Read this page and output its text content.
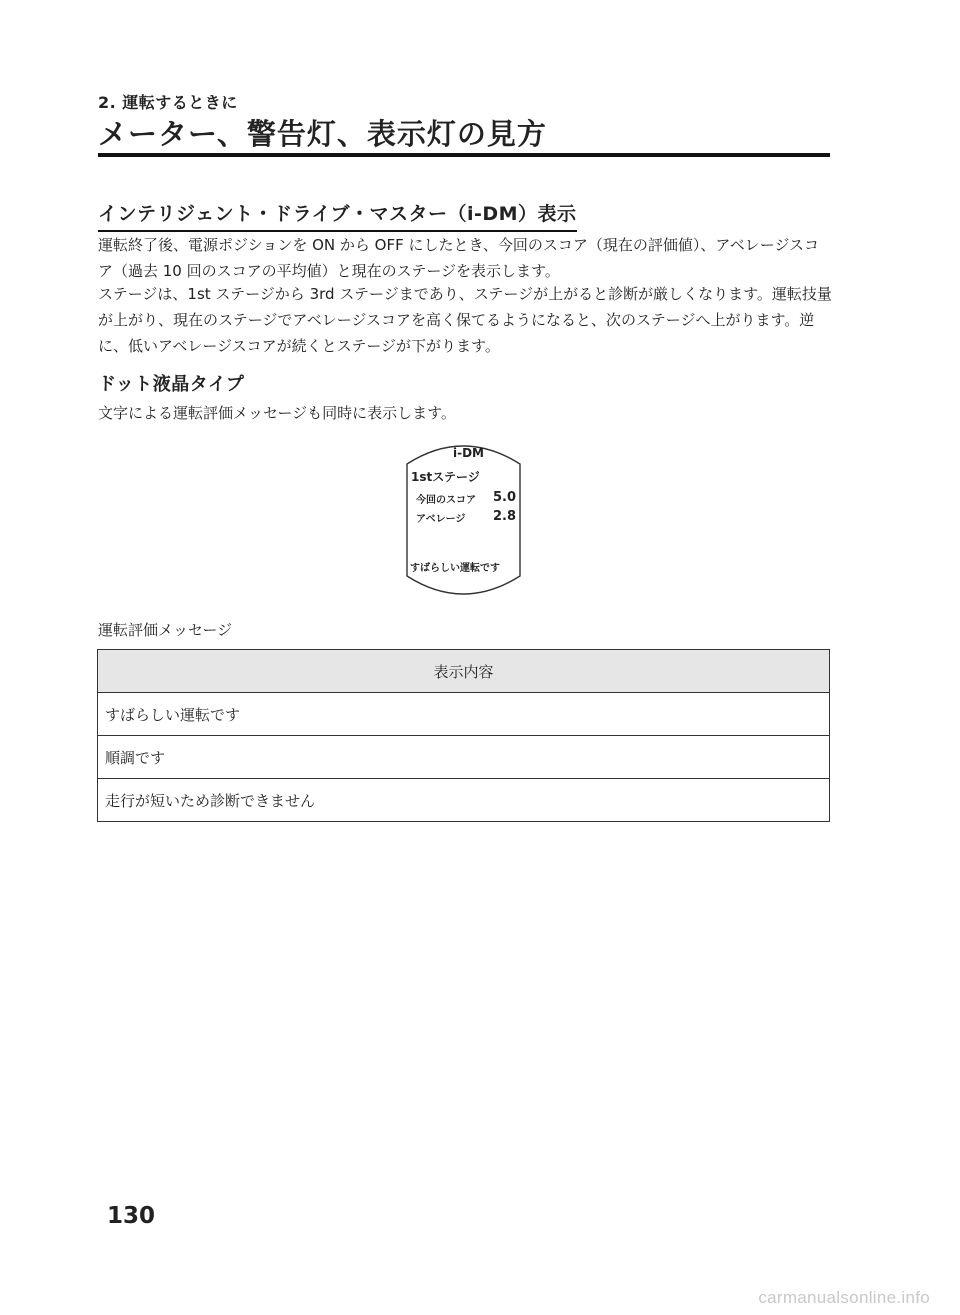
2. 運転するときに
メーター、警告灯、表示灯の見方
インテリジェント・ドライブ・マスター（i-DM）表示

運転終了後、電源ポジションを ON から OFF にしたとき、今回のスコア（現在の評価値）、アベレージスコア（過去 10 回のスコアの平均値）と現在のステージを表示します。

ステージは、1st ステージから 3rd ステージまであり、ステージが上がると診断が厳しくなります。運転技量が上がり、現在のステージでアベレージスコアを高く保てるようになると、次のステージへ上がります。逆に、低いアベレージスコアが続くとステージが下がります。

ドット液晶タイプ

文字による運転評価メッセージも同時に表示します。

i-DM
1stステージ
今回のスコア 5.0
アベレージ 2.8
すばらしい運転です
運転評価メッセージ
表示内容
すばらしい運転です
順調です
走行が短いため診断できません
130
carmanualsonline.info
